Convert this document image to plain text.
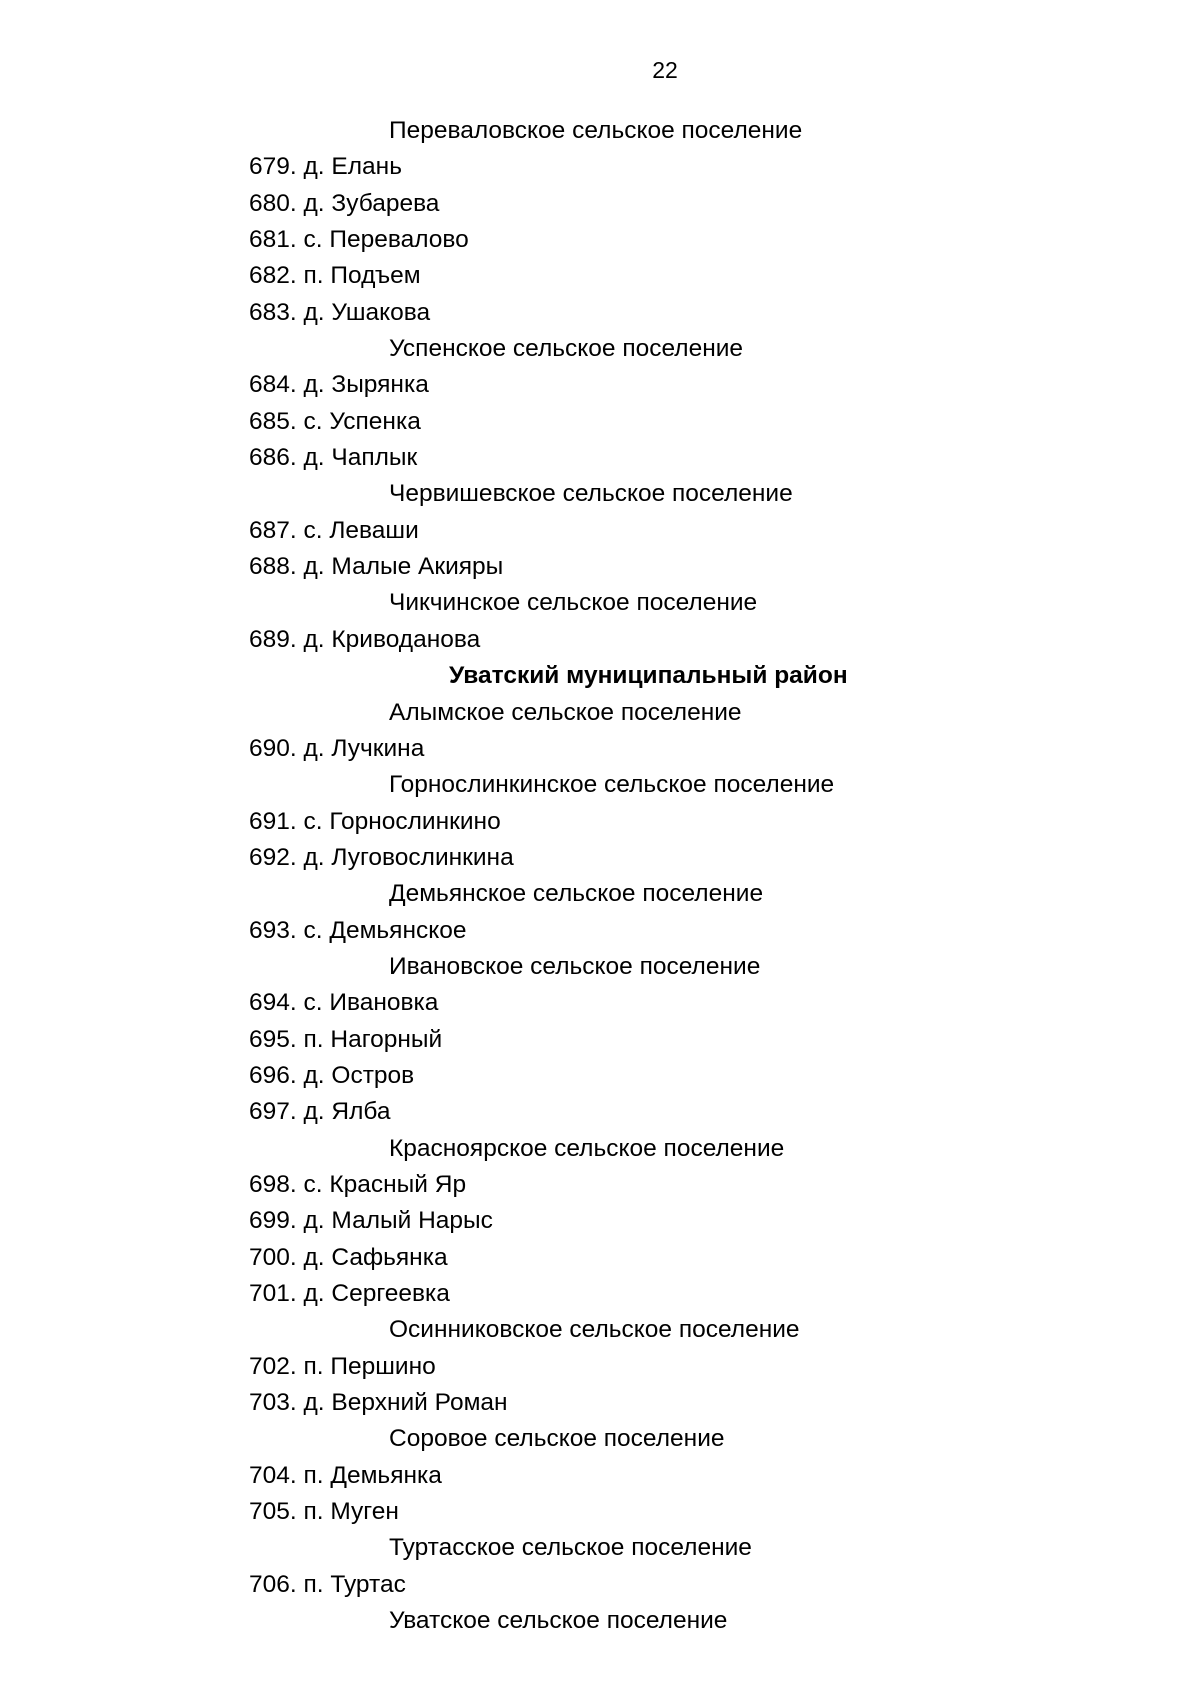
22
Переваловское сельское поселение
679. д. Елань
680. д. Зубарева
681. с. Перевалово
682. п. Подъем
683. д. Ушакова
Успенское сельское поселение
684. д. Зырянка
685. с. Успенка
686. д. Чаплык
Червишевское сельское поселение
687. с. Леваши
688. д. Малые Акияры
Чикчинское сельское поселение
689. д. Криводанова
Уватский муниципальный район
Алымское сельское поселение
690. д. Лучкина
Горнослинкинское сельское поселение
691. с. Горнослинкино
692. д. Луговослинкина
Демьянское сельское поселение
693. с. Демьянское
Ивановское сельское поселение
694. с. Ивановка
695. п. Нагорный
696. д. Остров
697. д. Ялба
Красноярское сельское поселение
698. с. Красный Яр
699. д. Малый Нарыс
700. д. Сафьянка
701. д. Сергеевка
Осинниковское сельское поселение
702. п. Першино
703. д. Верхний Роман
Соровое сельское поселение
704. п. Демьянка
705. п. Муген
Туртасское сельское поселение
706. п. Туртас
Уватское сельское поселение
